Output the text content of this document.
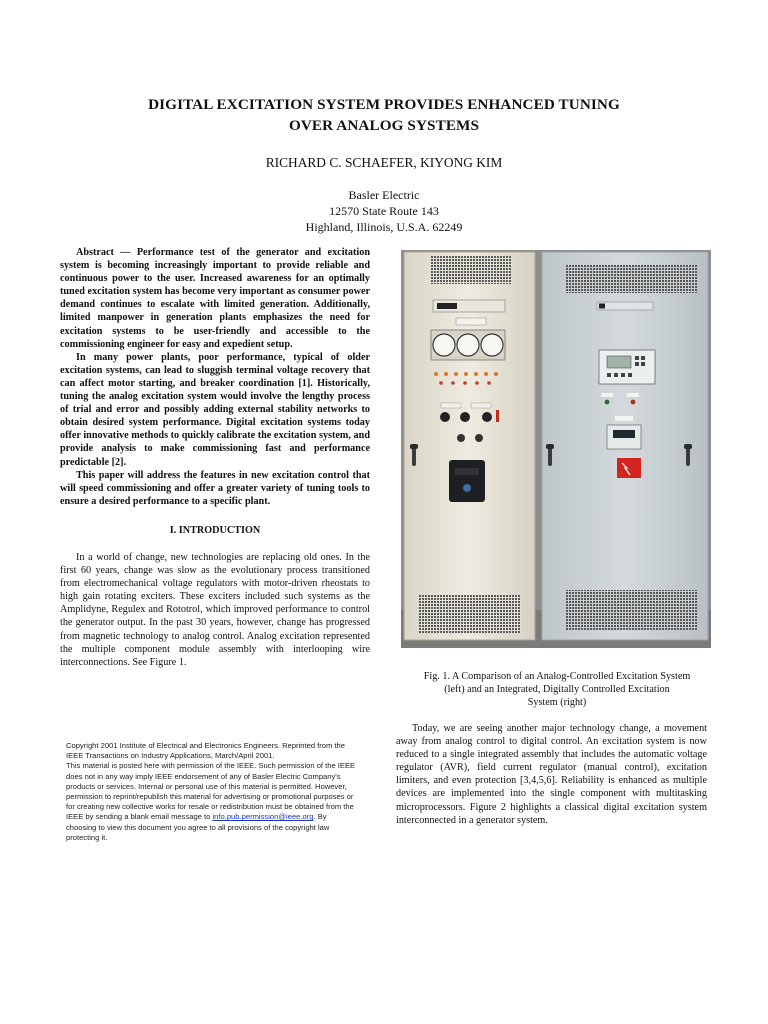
DIGITAL EXCITATION SYSTEM PROVIDES ENHANCED TUNING
OVER ANALOG SYSTEMS
RICHARD C. SCHAEFER, KIYONG KIM
Basler Electric
12570 State Route 143
Highland, Illinois, U.S.A. 62249

Abstract — Performance test of the generator and excitation system is becoming increasingly important to provide reliable and continuous power to the user. Increased awareness for an optimally tuned excitation system has become very important as consumer power demand continues to escalate with limited generation. Additionally, limited manpower in generation plants emphasizes the need for excitation systems to be user-friendly and accessible to the commissioning engineer for easy and expedient setup.

In many power plants, poor performance, typical of older excitation systems, can lead to sluggish terminal voltage recovery that can affect motor starting, and breaker coordination [1]. Historically, tuning the analog excitation system would involve the lengthy process of trial and error and possibly adding external stability networks to obtain desired system performance. Digital excitation systems today offer innovative methods to quickly calibrate the excitation system, and provide analysis to make commissioning fast and performance predictable [2].

This paper will address the features in new excitation control that will speed commissioning and offer a greater variety of tuning tools to ensure a desired performance to a specific plant.

I. INTRODUCTION

In a world of change, new technologies are replacing old ones. In the first 60 years, change was slow as the evolutionary process transitioned from electromechanical voltage regulators with motor-driven rheostats to high gain rotating exciters. These exciters included such systems as the Amplidyne, Regulex and Rototrol, which improved performance to control the generator output. In the past 30 years, however, change has progressed from magnetic technology to analog control. Analog excitation represented the multiple component module assembly with interlooping wire interconnections. See Figure 1.

Copyright 2001 Institute of Electrical and Electronics Engineers. Reprinted from the
IEEE Transactions on Industry Applications, March/April 2001.
This material is posted here with permission of the IEEE. Such permission of the IEEE
does not in any way imply IEEE endorsement of any of Basler Electric Company's
products or services. Internal or personal use of this material is permitted. However,
permission to reprint/republish this material for advertising or promotional purposes or
for creating new collective works for resale or redistribution must be obtained from the
IEEE by sending a blank email message to info.pub.permission@ieee.org. By
choosing to view this document you agree to all provisions of the copyright law
protecting it.
Fig. 1. A Comparison of an Analog-Controlled Excitation System
(left) and an Integrated, Digitally Controlled Excitation
System (right)

Today, we are seeing another major technology change, a movement away from analog control to digital control. An excitation system is now reduced to a single integrated assembly that includes the automatic voltage regulator (AVR), field current regulator (manual control), excitation limiters, and even protection [3,4,5,6]. Reliability is enhanced as multiple devices are implemented into the single component with multitasking microprocessors. Figure 2 highlights a classical digital excitation system interconnected in a generator system.
